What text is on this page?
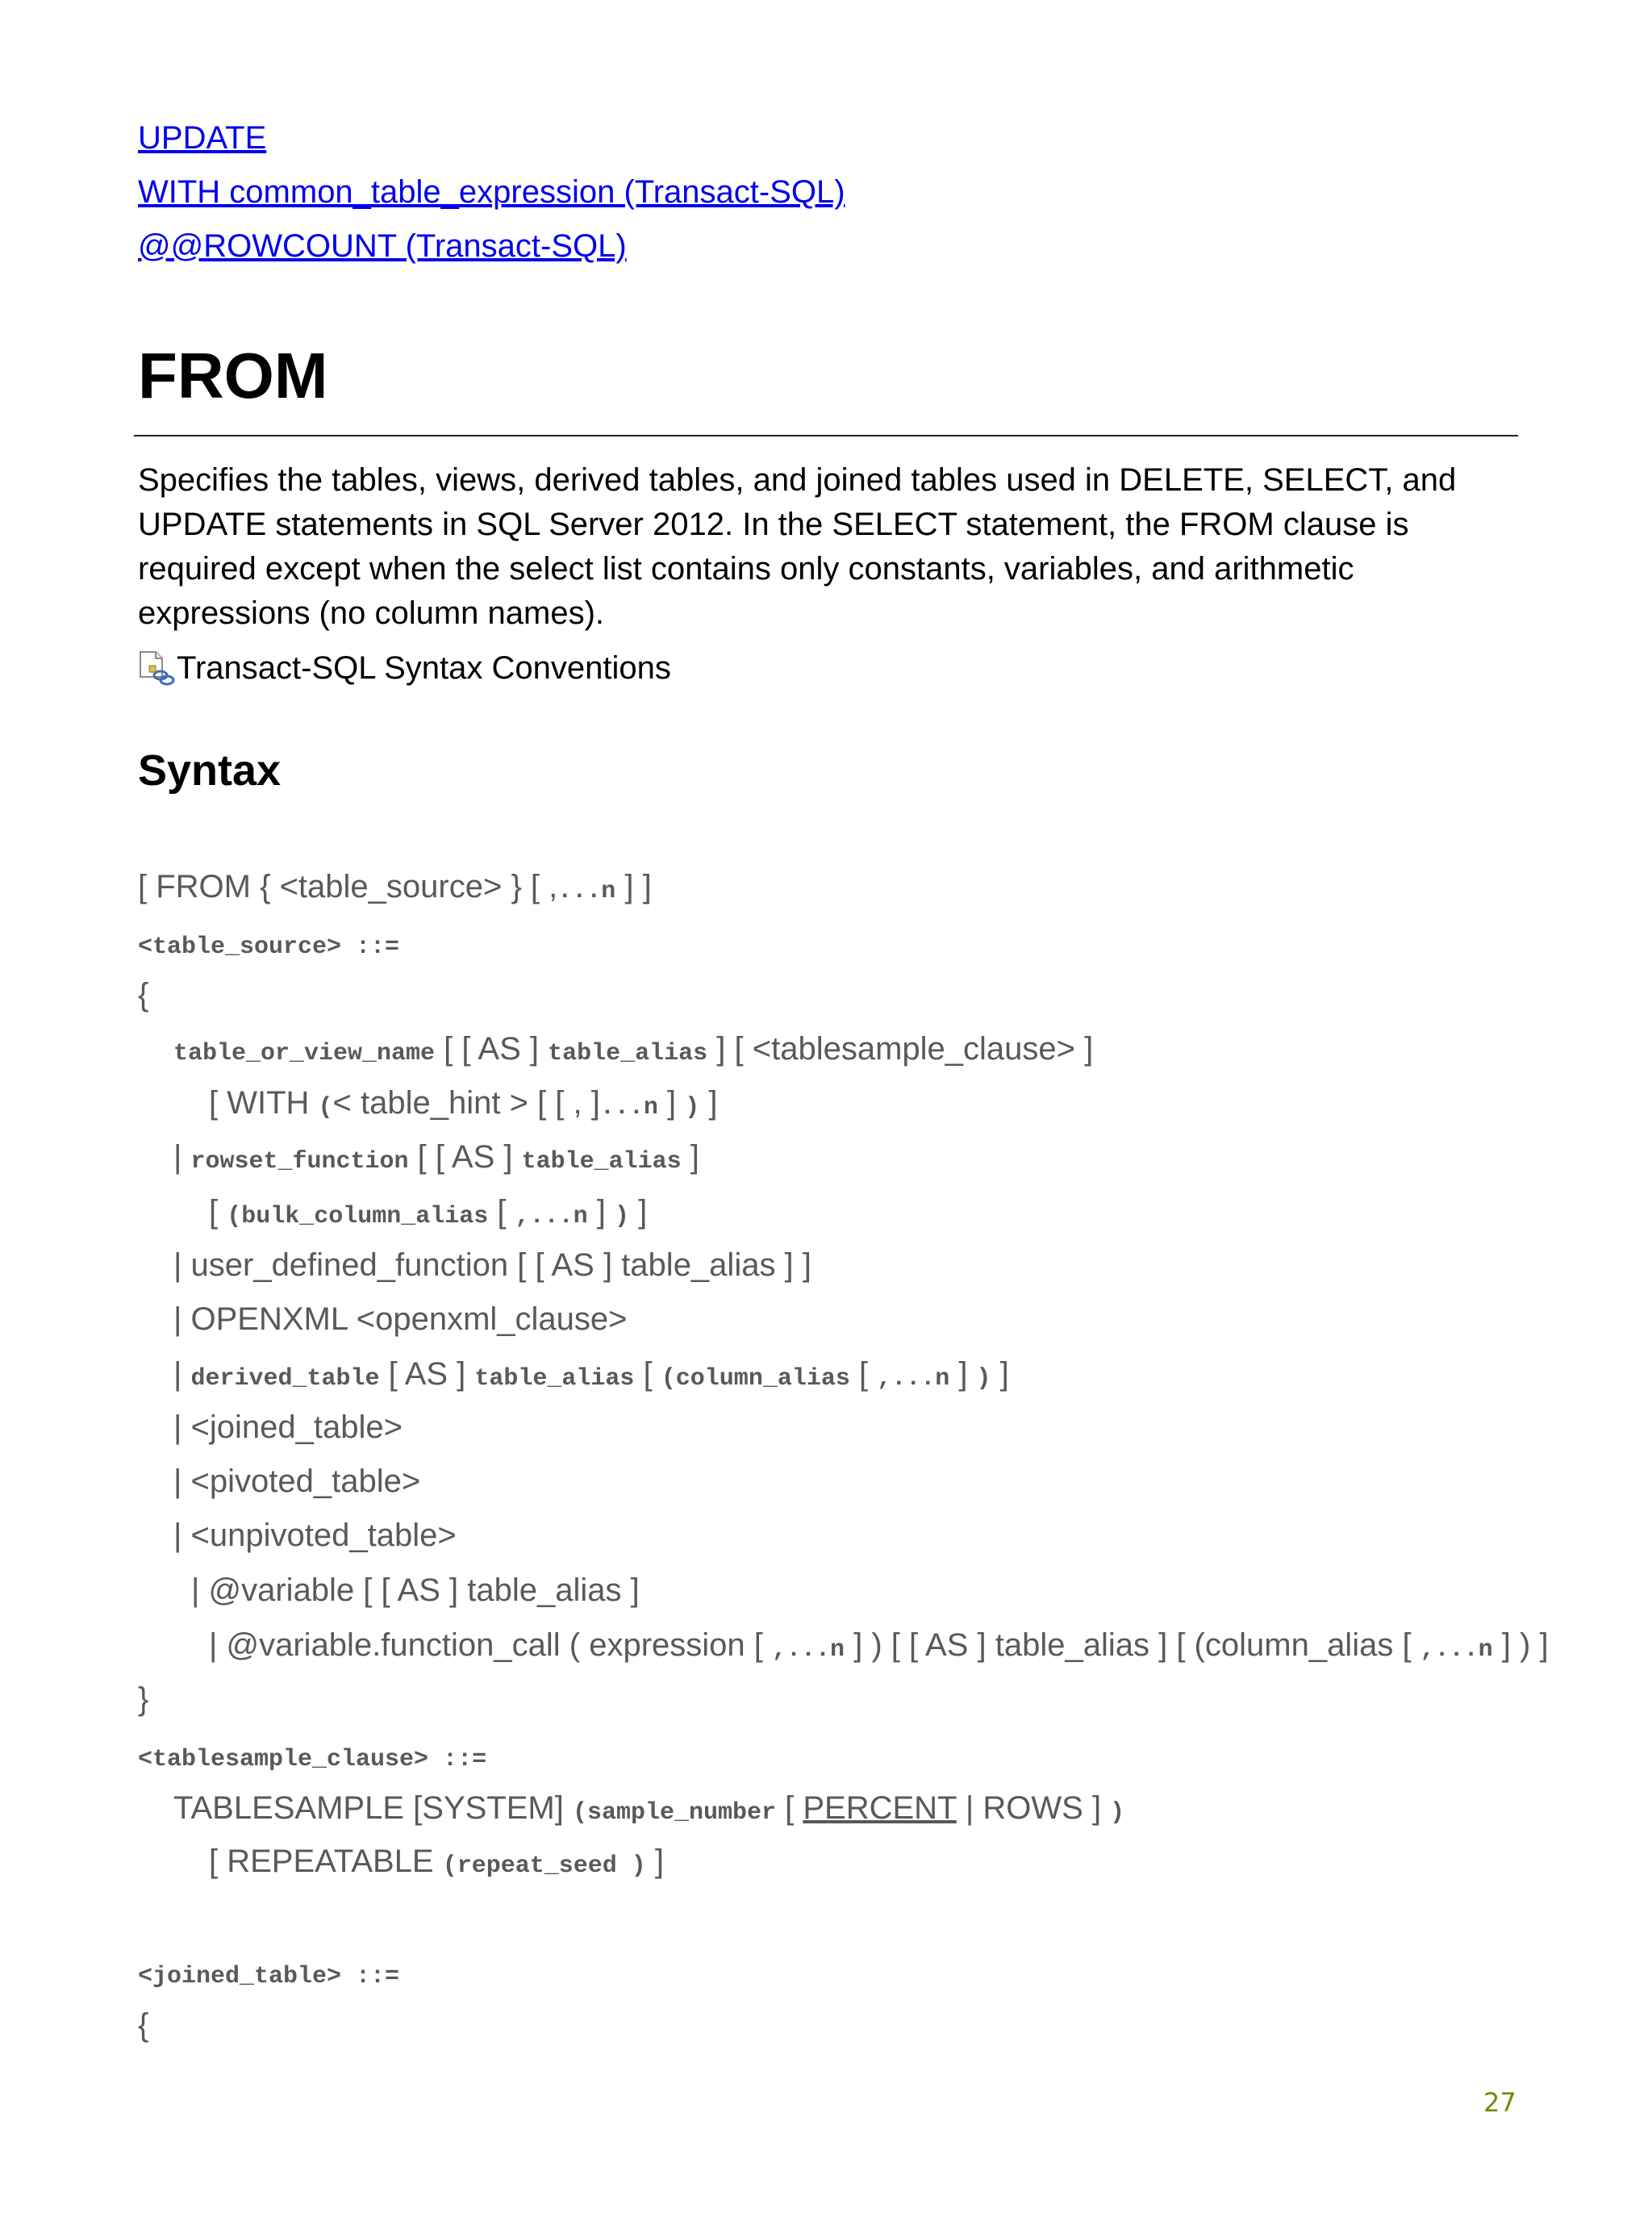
UPDATE
WITH common_table_expression (Transact-SQL)
@@ROWCOUNT (Transact-SQL)
FROM

Specifies the tables, views, derived tables, and joined tables used in DELETE, SELECT, and UPDATE statements in SQL Server 2012. In the SELECT statement, the FROM clause is required except when the select list contains only constants, variables, and arithmetic expressions (no column names).

Transact-SQL Syntax Conventions
Syntax
[ FROM { <table_source> } [ ,...n ] ]
<table_source> ::=
{
table_or_view_name [ [ AS ] table_alias ] [ <tablesample_clause> ]
[ WITH (< table_hint > [ [ , ]...n ] ) ]
| rowset_function [ [ AS ] table_alias ]
[ (bulk_column_alias [ ,...n ] ) ]
| user_defined_function [ [ AS ] table_alias ] ]
| OPENXML <openxml_clause>
| derived_table [ AS ] table_alias [ (column_alias [ ,...n ] ) ]
| <joined_table>
| <pivoted_table>
| <unpivoted_table>
| @variable [ [ AS ] table_alias ]
| @variable.function_call ( expression [ ,...n ] ) [ [ AS ] table_alias ] [ (column_alias [ ,...n ] ) ]
}
<tablesample_clause> ::=
TABLESAMPLE [SYSTEM] (sample_number [ PERCENT | ROWS ] )
[ REPEATABLE (repeat_seed ) ]
<joined_table> ::=
{
27
